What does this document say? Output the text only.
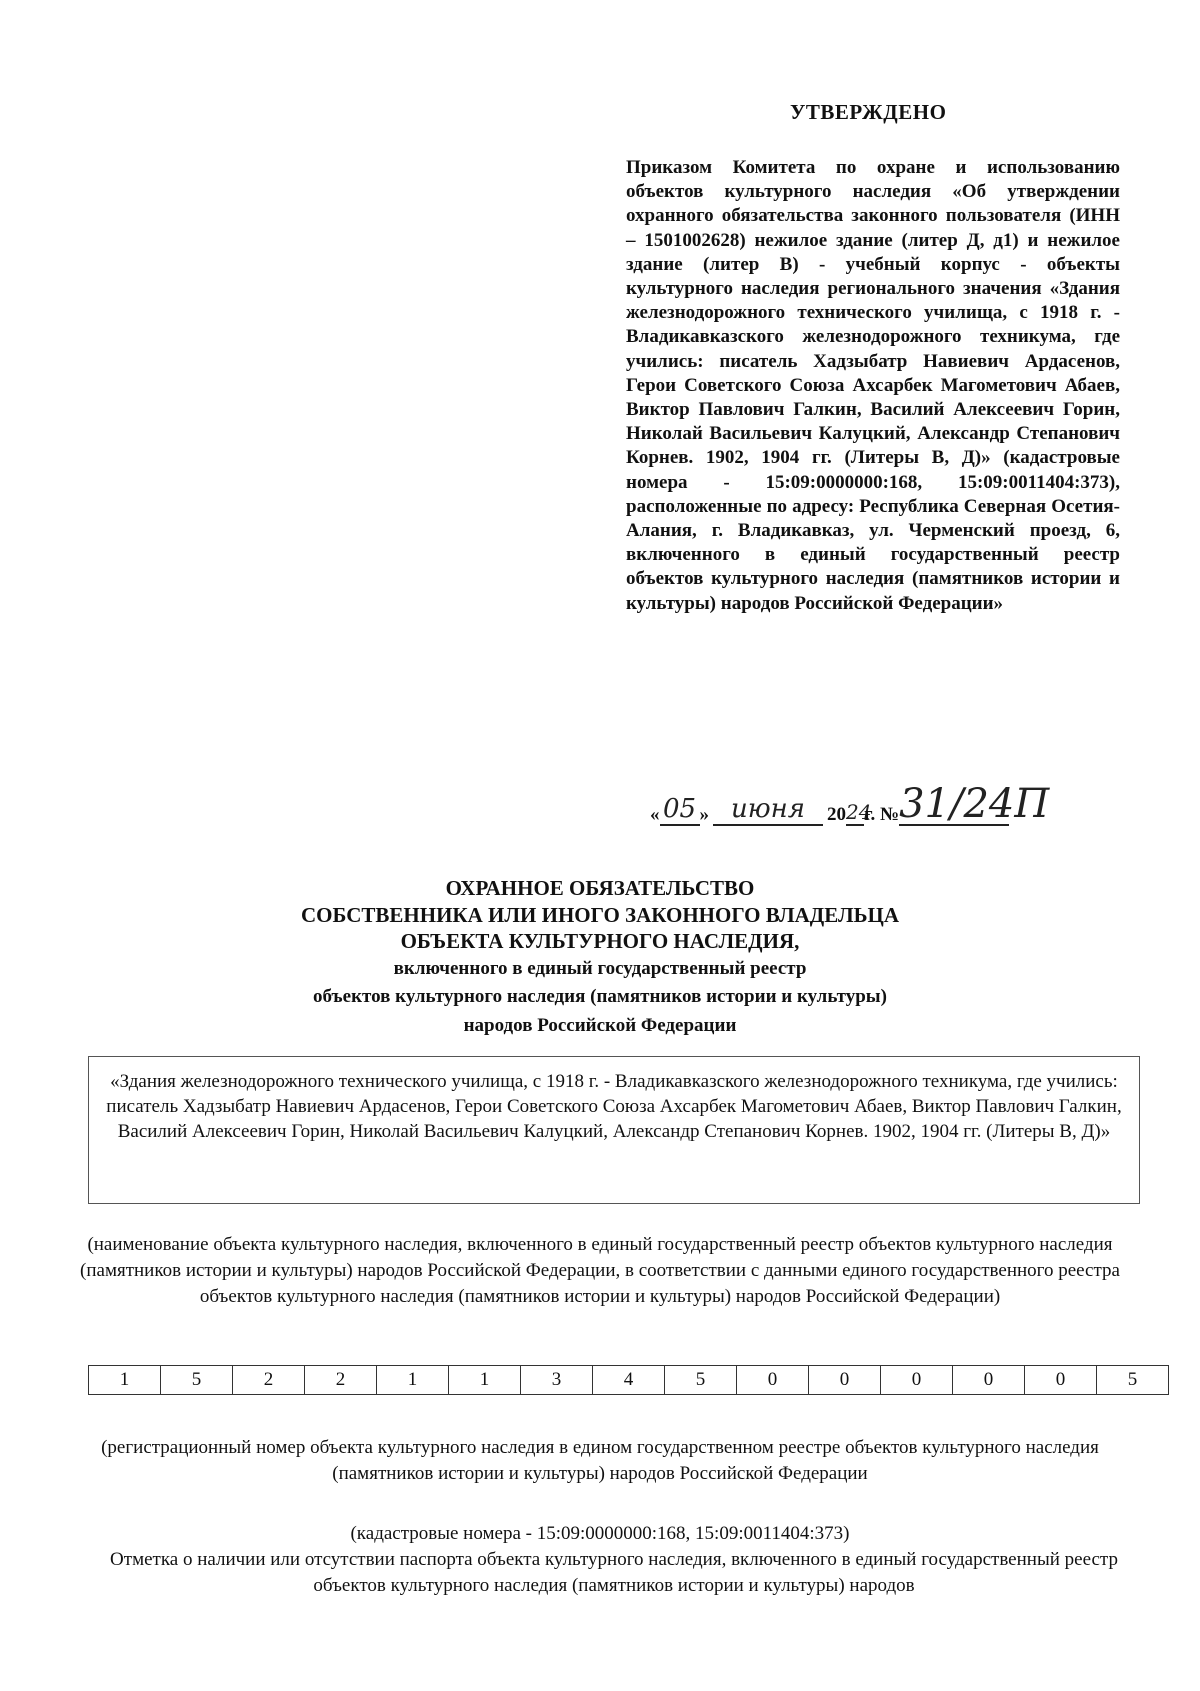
УТВЕРЖДЕНО
Приказом Комитета по охране и использованию объектов культурного наследия «Об утверждении охранного обязательства законного пользователя (ИНН – 1501002628) нежилое здание (литер Д, д1) и нежилое здание (литер В) - учебный корпус - объекты культурного наследия регионального значения «Здания железнодорожного технического училища, с 1918 г. - Владикавказского железнодорожного техникума, где учились: писатель Хадзыбатр Навиевич Ардасенов, Герои Советского Союза Ахсарбек Магометович Абаев, Виктор Павлович Галкин, Василий Алексеевич Горин, Николай Васильевич Калуцкий, Александр Степанович Корнев. 1902, 1904 гг. (Литеры В, Д)» (кадастровые номера - 15:09:0000000:168, 15:09:0011404:373), расположенные по адресу: Республика Северная Осетия-Алания, г. Владикавказ, ул. Черменский проезд, 6, включенного в единый государственный реестр объектов культурного наследия (памятников истории и культуры) народов Российской Федерации»
« 05 » июня	20 24
г. № 31/24П
ОХРАННОЕ ОБЯЗАТЕЛЬСТВО
СОБСТВЕННИКА ИЛИ ИНОГО ЗАКОННОГО ВЛАДЕЛЬЦА
ОБЪЕКТА КУЛЬТУРНОГО НАСЛЕДИЯ,
включенного в единый государственный реестр
объектов культурного наследия (памятников истории и культуры)
народов Российской Федерации
«Здания железнодорожного технического училища, с 1918 г. - Владикавказского железнодорожного техникума, где учились: писатель Хадзыбатр Навиевич Ардасенов, Герои Советского Союза Ахсарбек Магометович Абаев, Виктор Павлович Галкин, Василий Алексеевич Горин, Николай Васильевич Калуцкий, Александр Степанович Корнев. 1902, 1904 гг. (Литеры В, Д)»
(наименование объекта культурного наследия, включенного в единый государственный реестр объектов культурного наследия (памятников истории и культуры) народов Российской Федерации, в соответствии с данными единого государственного реестра объектов культурного наследия (памятников истории и культуры) народов Российской Федерации)
1	5	2	2	1	1	3	4	5	0	0	0	0	0	5
(регистрационный номер объекта культурного наследия в едином государственном реестре объектов культурного наследия (памятников истории и культуры) народов Российской Федерации
(кадастровые номера - 15:09:0000000:168, 15:09:0011404:373)
Отметка о наличии или отсутствии паспорта объекта культурного наследия, включенного в единый государственный реестр объектов культурного наследия (памятников истории и культуры) народов
